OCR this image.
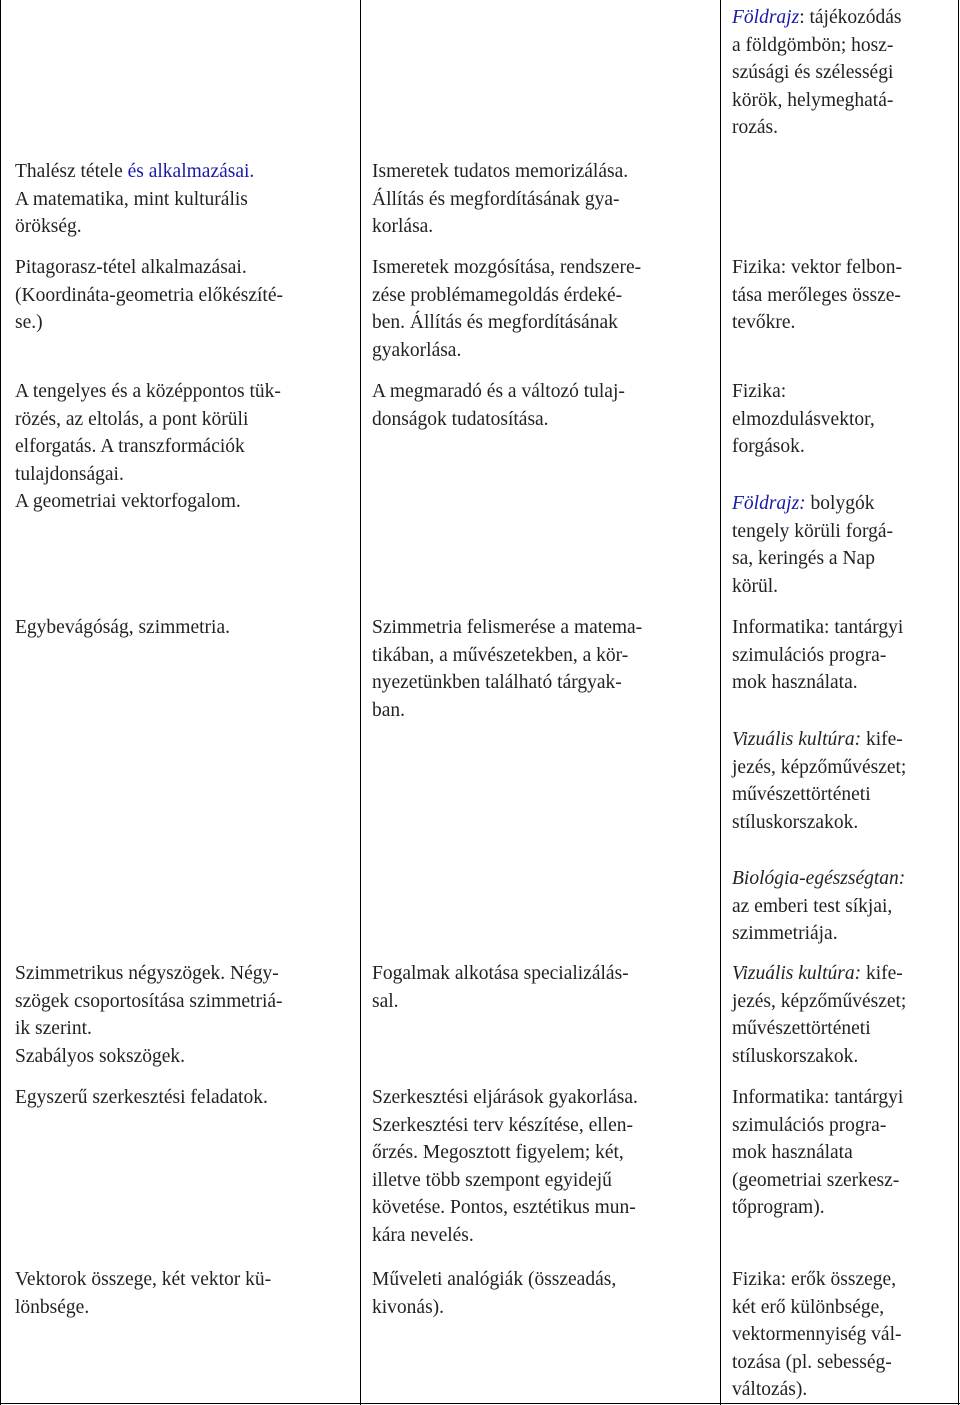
Thalész tétele és alkalmazásai.
A matematika, mint kulturális
örökség.
Pitagorasz-tétel alkalmazásai.
(Koordináta-geometria előkészíté-
se.)
A tengelyes és a középpontos tük-
rözés, az eltolás, a pont körüli
elforgatás. A transzformációk
tulajdonságai.
A geometriai vektorfogalom.
Egybevágóság, szimmetria.
Szimmetrikus négyszögek. Négy-
szögek csoportosítása szimmetriá-
ik szerint.
Szabályos sokszögek.
Egyszerű szerkesztési feladatok.
Vektorok összege, két vektor kü-
lönbsége.
Ismeretek tudatos memorizálása.
Állítás és megfordításának gya-
korlása.
Ismeretek mozgósítása, rendszere-
zése problémamegoldás érdeké-
ben. Állítás és megfordításának
gyakorlása.
A megmaradó és a változó tulaj-
donságok tudatosítása.
Szimmetria felismerése a matema-
tikában, a művészetekben, a kör-
nyezetünkben található tárgyak-
ban.
Fogalmak alkotása specializálás-
sal.
Szerkesztési eljárások gyakorlása.
Szerkesztési terv készítése, ellen-
őrzés. Megosztott figyelem; két,
illetve több szempont egyidejű
követése. Pontos, esztétikus mun-
kára nevelés.
Műveleti analógiák (összeadás,
kivonás).
Földrajz: tájékozódás
a földgömbön; hosz-
szúsági és szélességi
körök, helymeghatá-
rozás.
Fizika: vektor felbon-
tása merőleges össze-
tevőkre.
Fizika:
elmozdulásvektor,
forgások.
Földrajz: bolygók
tengely körüli forgá-
sa, keringés a Nap
körül.
Informatika: tantárgyi
szimulációs progra-
mok használata.
Vizuális kultúra: kife-
jezés, képzőművészet;
művészettörténeti
stíluskorszakok.
Biológia-egészségtan:
az emberi test síkjai,
szimmetriája.
Vizuális kultúra: kife-
jezés, képzőművészet;
művészettörténeti
stíluskorszakok.
Informatika: tantárgyi
szimulációs progra-
mok használata
(geometriai szerkesz-
tőprogram).
Fizika: erők összege,
két erő különbsége,
vektormennyiség vál-
tozása (pl. sebesség-
változás).
